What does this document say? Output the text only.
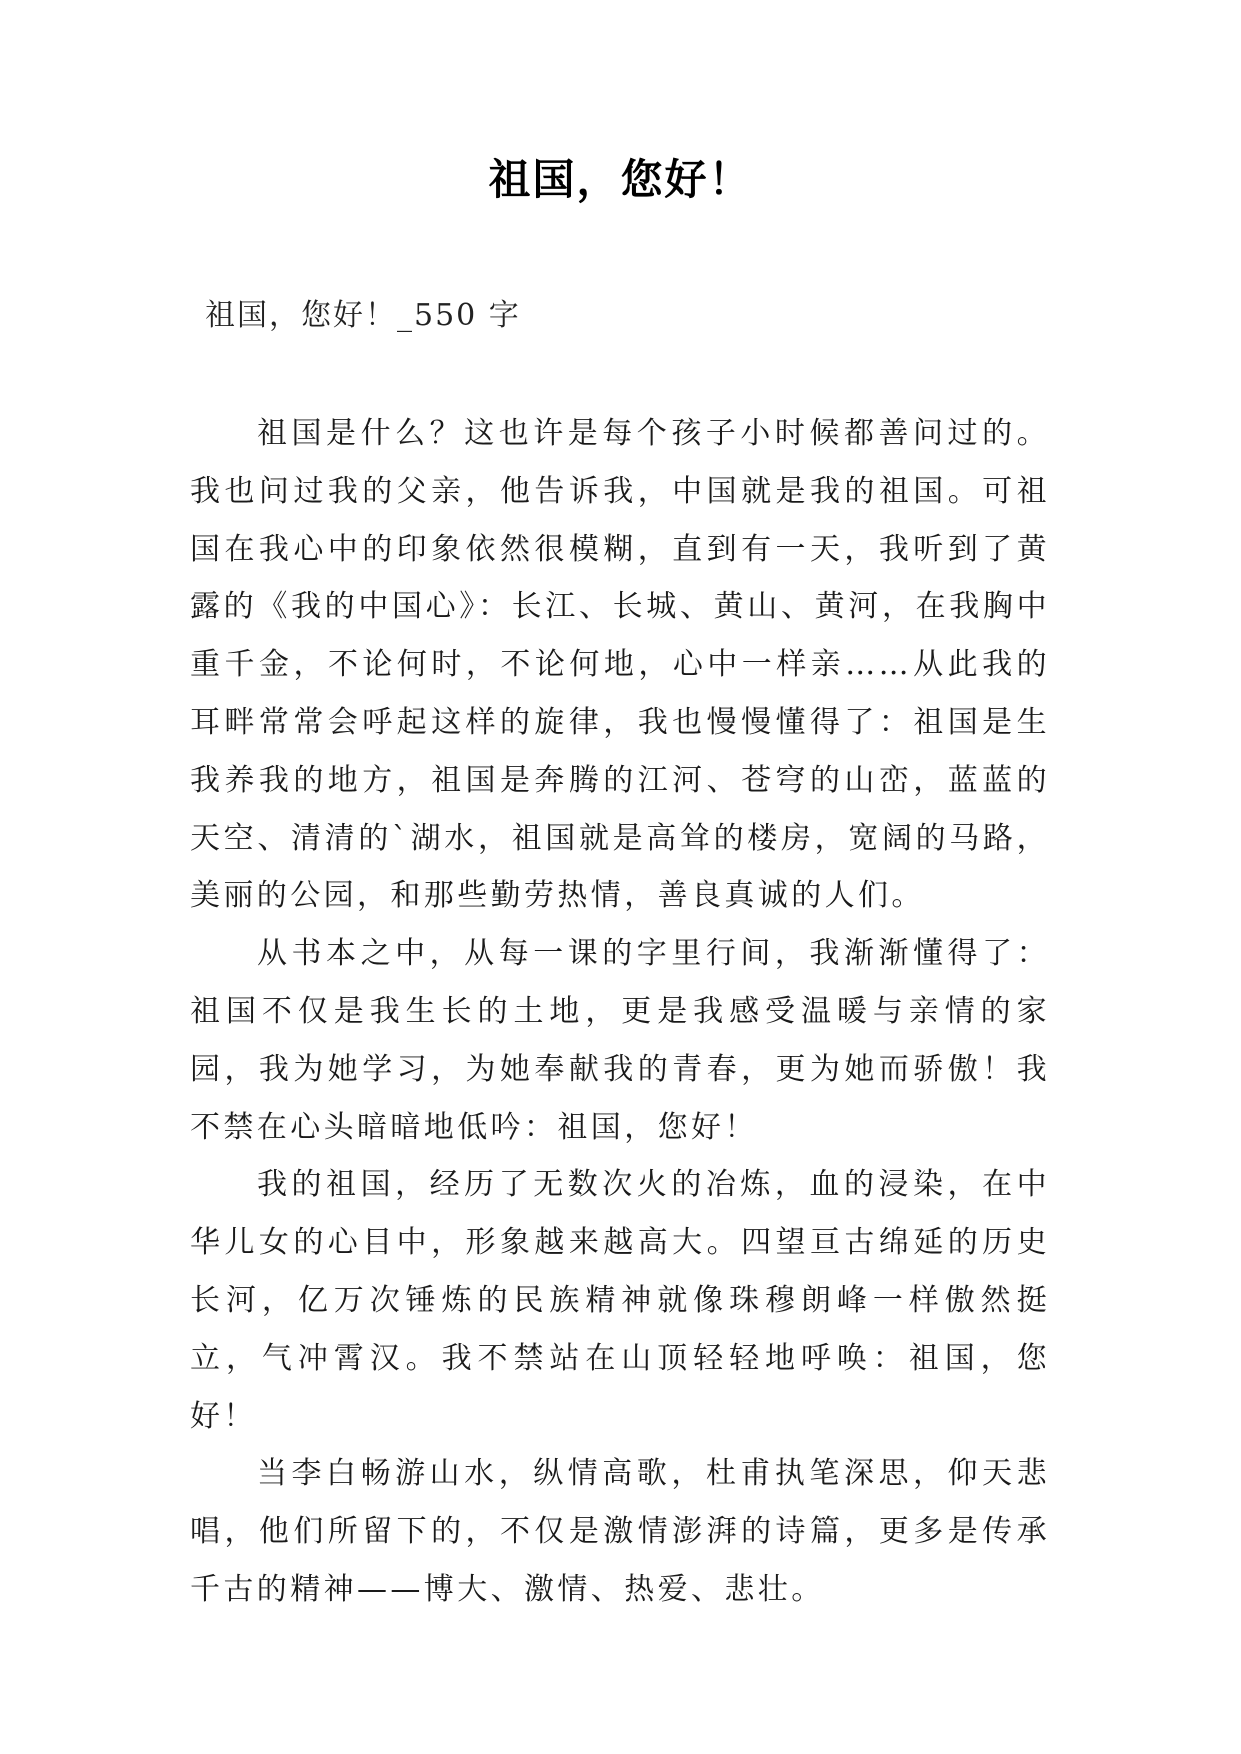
祖国，您好！
祖国，您好！_550 字

祖国是什么？这也许是每个孩子小时候都善问过的。我也问过我的父亲，他告诉我，中国就是我的祖国。可祖国在我心中的印象依然很模糊，直到有一天，我听到了黄露的《我的中国心》：长江、长城、黄山、黄河，在我胸中重千金，不论何时，不论何地，心中一样亲……从此我的耳畔常常会呼起这样的旋律，我也慢慢懂得了：祖国是生我养我的地方，祖国是奔腾的江河、苍穹的山峦，蓝蓝的天空、清清的`湖水，祖国就是高耸的楼房，宽阔的马路，美丽的公园，和那些勤劳热情，善良真诚的人们。

从书本之中，从每一课的字里行间，我渐渐懂得了：祖国不仅是我生长的土地，更是我感受温暖与亲情的家园，我为她学习，为她奉献我的青春，更为她而骄傲！我不禁在心头暗暗地低吟：祖国，您好！

我的祖国，经历了无数次火的冶炼，血的浸染，在中华儿女的心目中，形象越来越高大。四望亘古绵延的历史长河，亿万次锤炼的民族精神就像珠穆朗峰一样傲然挺立，气冲霄汉。我不禁站在山顶轻轻地呼唤：祖国，您好！

当李白畅游山水，纵情高歌，杜甫执笔深思，仰天悲唱，他们所留下的，不仅是激情澎湃的诗篇，更多是传承千古的精神——博大、激情、热爱、悲壮。
